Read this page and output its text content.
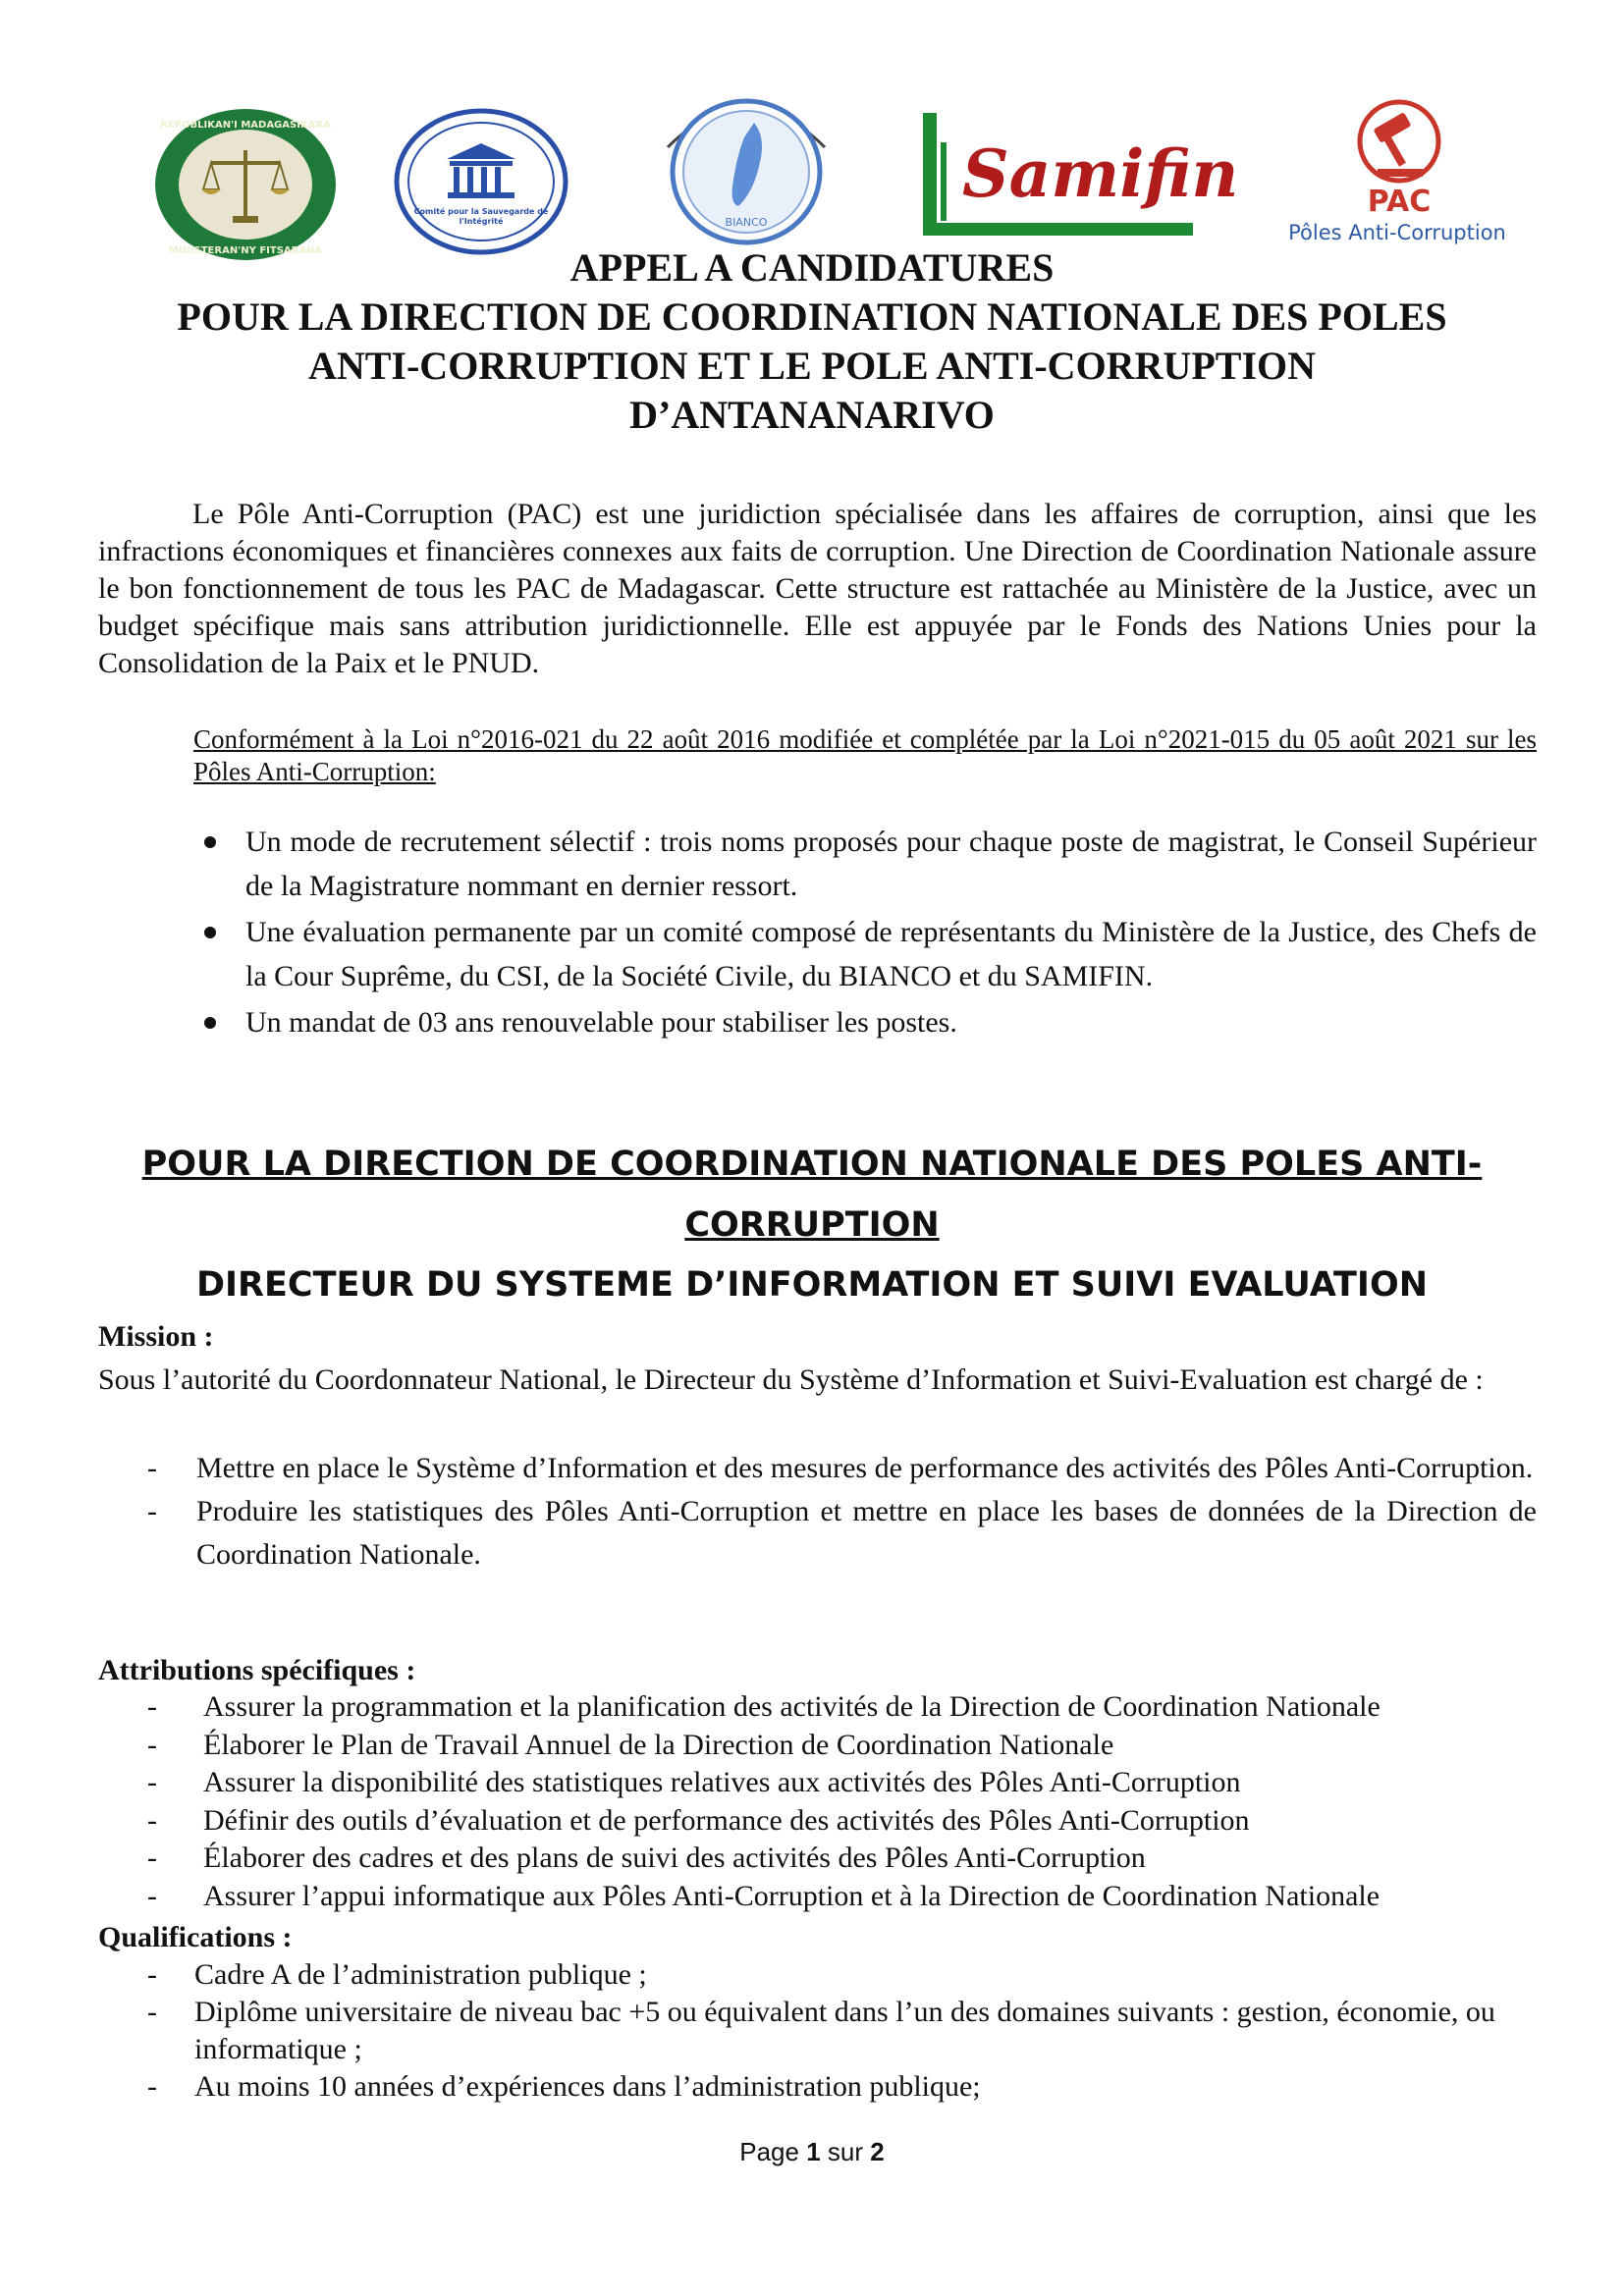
REPOBLIKAN'I MADAGASIKARA
MINISTERAN'NY FITSARANA
Comité pour la Sauvegarde de
l'Intégrité	BIANCO
Samifin	PAC
Pôles Anti-Corruption
APPEL A CANDIDATURES
POUR LA DIRECTION DE COORDINATION NATIONALE DES POLES
ANTI-CORRUPTION ET LE POLE ANTI-CORRUPTION
D’ANTANANARIVO
Le Pôle Anti-Corruption (PAC) est une juridiction spécialisée dans les affaires de corruption, ainsi que les infractions économiques et financières connexes aux faits de corruption. Une Direction de Coordination Nationale assure le bon fonctionnement de tous les PAC de Madagascar. Cette structure est rattachée au Ministère de la Justice, avec un budget spécifique mais sans attribution juridictionnelle. Elle est appuyée par le Fonds des Nations Unies pour la Consolidation de la Paix et le PNUD.
Conformément à la Loi n°2016-021 du 22 août 2016 modifiée et complétée par la Loi n°2021-015 du 05 août 2021 sur les Pôles Anti-Corruption:
Un mode de recrutement sélectif : trois noms proposés pour chaque poste de magistrat, le Conseil Supérieur de la Magistrature nommant en dernier ressort.
Une évaluation permanente par un comité composé de représentants du Ministère de la Justice, des Chefs de la Cour Suprême, du CSI, de la Société Civile, du BIANCO et du SAMIFIN.
Un mandat de 03 ans renouvelable pour stabiliser les postes.
POUR LA DIRECTION DE COORDINATION NATIONALE DES POLES ANTI-
CORRUPTION
DIRECTEUR DU SYSTEME D’INFORMATION ET SUIVI EVALUATION
Mission :
Sous l’autorité du Coordonnateur National, le Directeur du Système d’Information et Suivi-Evaluation est chargé de :
- Mettre en place le Système d’Information et des mesures de performance des activités des Pôles Anti-Corruption.
- Produire les statistiques des Pôles Anti-Corruption et mettre en place les bases de données de la Direction de Coordination Nationale.
Attributions spécifiques :
- Assurer la programmation et la planification des activités de la Direction de Coordination Nationale
- Élaborer le Plan de Travail Annuel de la Direction de Coordination Nationale
- Assurer la disponibilité des statistiques relatives aux activités des Pôles Anti-Corruption
- Définir des outils d’évaluation et de performance des activités des Pôles Anti-Corruption
- Élaborer des cadres et des plans de suivi des activités des Pôles Anti-Corruption
- Assurer l’appui informatique aux Pôles Anti-Corruption et à la Direction de Coordination Nationale
Qualifications :
- Cadre A de l’administration publique ;
- Diplôme universitaire de niveau bac +5 ou équivalent dans l’un des domaines suivants : gestion, économie, ou informatique ;
- Au moins 10 années d’expériences dans l’administration publique;
Page 1 sur 2
